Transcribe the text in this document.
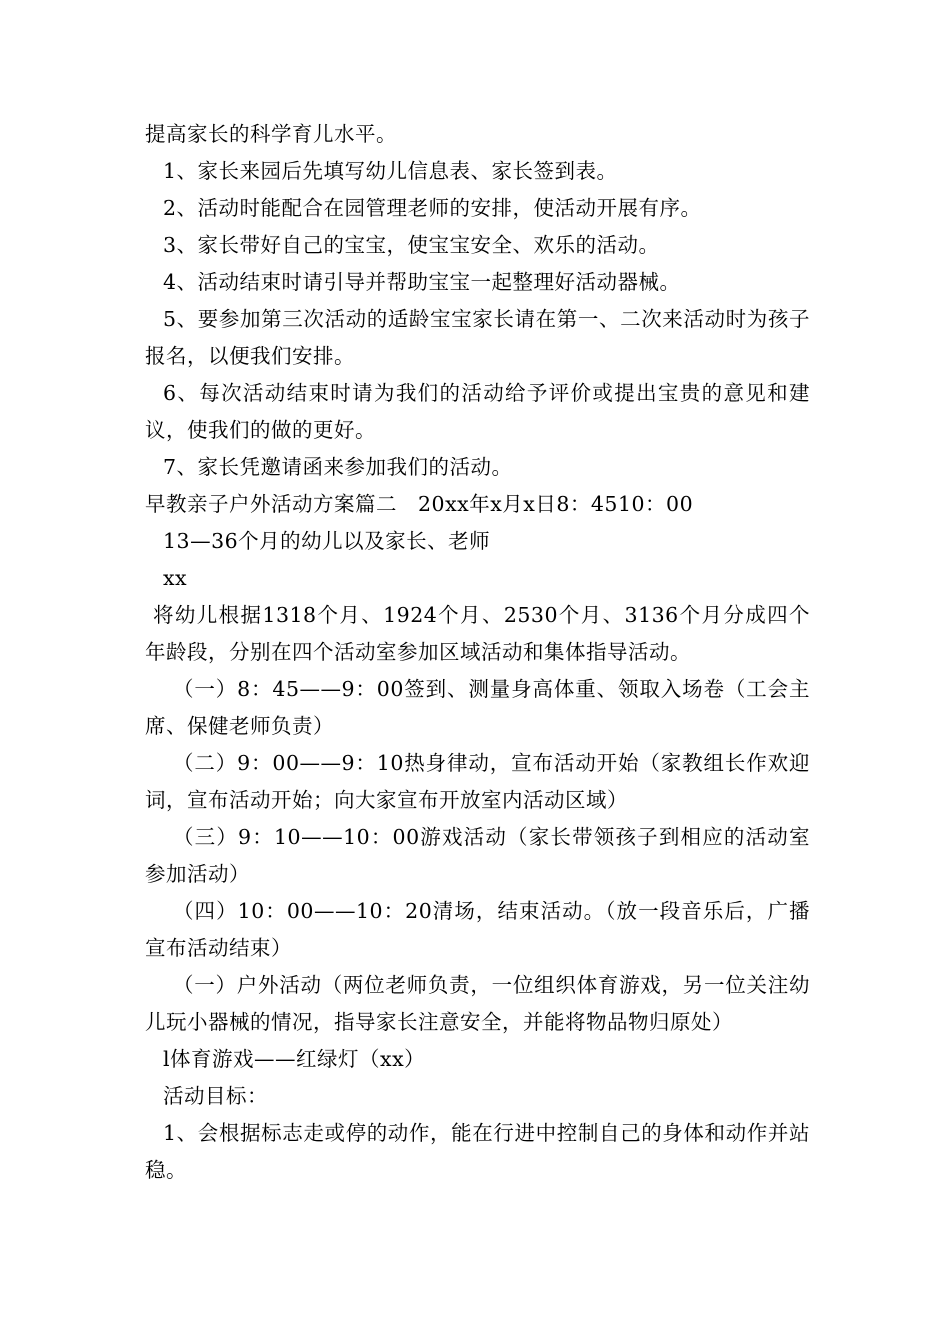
提高家长的科学育儿水平。

1、家长来园后先填写幼儿信息表、家长签到表。

2、活动时能配合在园管理老师的安排，使活动开展有序。

3、家长带好自己的宝宝，使宝宝安全、欢乐的活动。

4、活动结束时请引导并帮助宝宝一起整理好活动器械。

5、要参加第三次活动的适龄宝宝家长请在第一、二次来活动时为孩子报名，以便我们安排。

6、每次活动结束时请为我们的活动给予评价或提出宝贵的意见和建议，使我们的做的更好。

7、家长凭邀请函来参加我们的活动。

早教亲子户外活动方案篇二　20xx年x月x日8：4510：00

13—36个月的幼儿以及家长、老师

xx

将幼儿根据1318个月、1924个月、2530个月、3136个月分成四个年龄段，分别在四个活动室参加区域活动和集体指导活动。

（一）8：45——9：00签到、测量身高体重、领取入场卷（工会主席、保健老师负责）

（二）9：00——9：10热身律动，宣布活动开始（家教组长作欢迎词，宣布活动开始；向大家宣布开放室内活动区域）

（三）9：10——10：00游戏活动（家长带领孩子到相应的活动室参加活动）

（四）10：00——10：20清场，结束活动。（放一段音乐后，广播宣布活动结束）

（一）户外活动（两位老师负责，一位组织体育游戏，另一位关注幼儿玩小器械的情况，指导家长注意安全，并能将物品物归原处）

l体育游戏——红绿灯（xx）

活动目标：

1、会根据标志走或停的动作，能在行进中控制自己的身体和动作并站稳。
